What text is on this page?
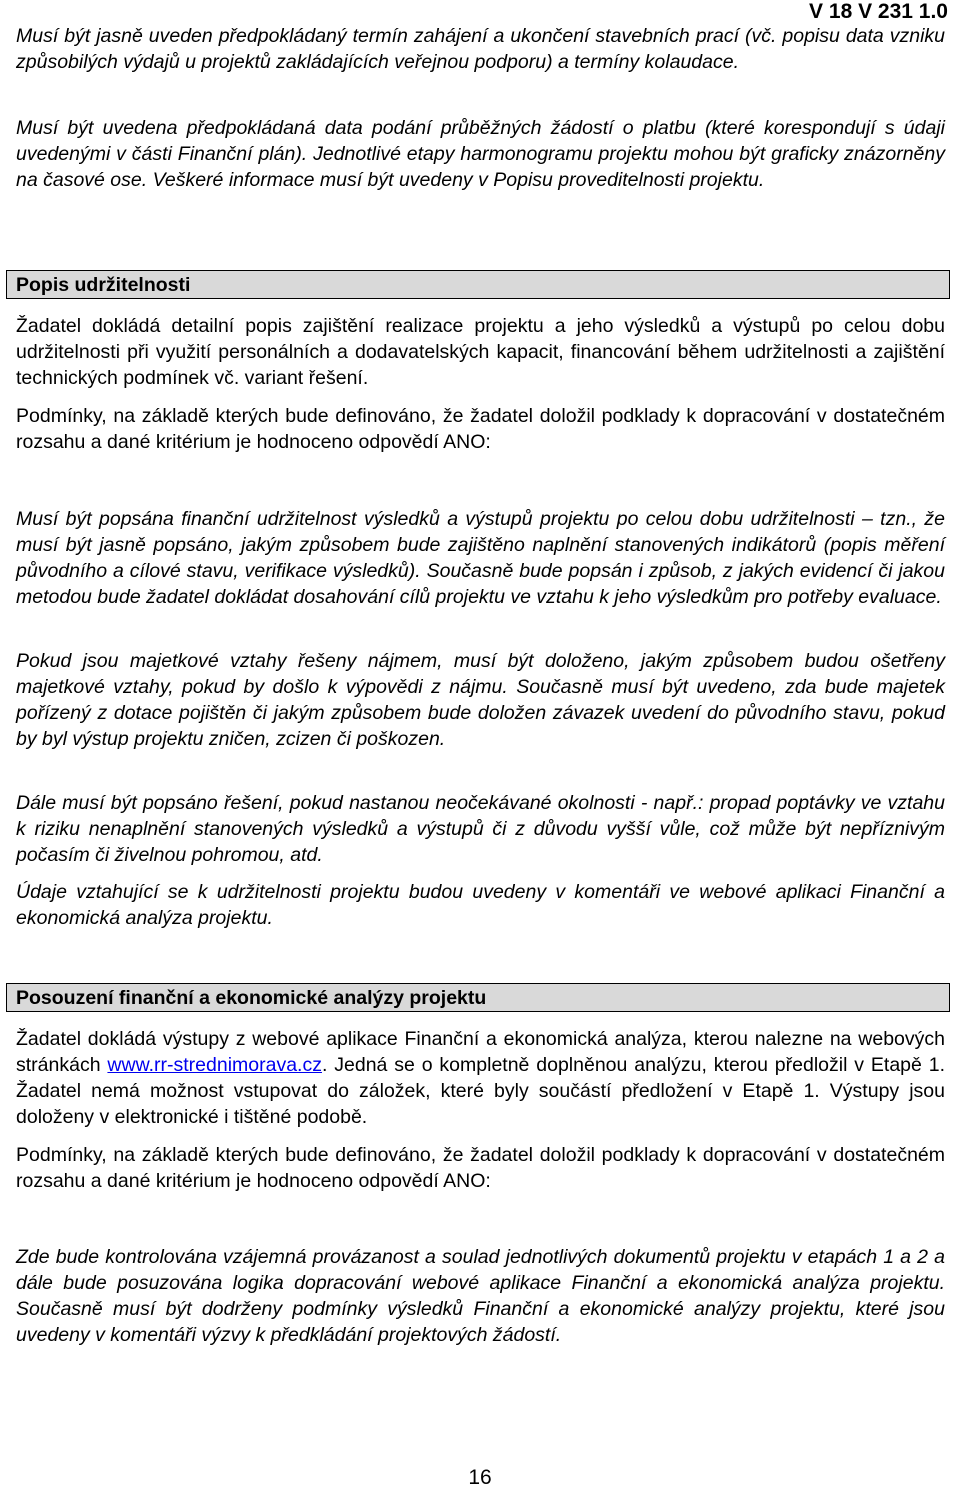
V 18 V 231 1.0

Musí být jasně uveden předpokládaný termín zahájení a ukončení stavebních prací (vč. popisu data vzniku způsobilých výdajů u projektů zakládajících veřejnou podporu) a termíny kolaudace.

Musí být uvedena předpokládaná data podání průběžných žádostí o platbu (které korespondují s údaji uvedenými v části Finanční plán). Jednotlivé etapy harmonogramu projektu mohou být graficky znázorněny na časové ose. Veškeré informace musí být uvedeny v Popisu proveditelnosti projektu.

Popis udržitelnosti

Žadatel dokládá detailní popis zajištění realizace projektu a jeho výsledků a výstupů po celou dobu udržitelnosti při využití personálních a dodavatelských kapacit, financování během udržitelnosti a zajištění technických podmínek vč. variant řešení.

Podmínky, na základě kterých bude definováno, že žadatel doložil podklady k dopracování v dostatečném rozsahu a dané kritérium je hodnoceno odpovědí ANO:

Musí být popsána finanční udržitelnost výsledků a výstupů projektu po celou dobu udržitelnosti – tzn., že musí být jasně popsáno, jakým způsobem bude zajištěno naplnění stanovených indikátorů (popis měření původního a cílové stavu, verifikace výsledků). Současně bude popsán i způsob, z jakých evidencí či jakou metodou bude žadatel dokládat dosahování cílů projektu ve vztahu k jeho výsledkům pro potřeby evaluace.

Pokud jsou majetkové vztahy řešeny nájmem, musí být doloženo, jakým způsobem budou ošetřeny majetkové vztahy, pokud by došlo k výpovědi z nájmu. Současně musí být uvedeno, zda bude majetek pořízený z dotace pojištěn či jakým způsobem bude doložen závazek uvedení do původního stavu, pokud by byl výstup projektu zničen, zcizen či poškozen.

Dále musí být popsáno řešení, pokud nastanou neočekávané okolnosti - např.: propad poptávky ve vztahu k riziku nenaplnění stanovených výsledků a výstupů či z důvodu vyšší vůle, což může být nepříznivým počasím či živelnou pohromou, atd.

Údaje vztahující se k udržitelnosti projektu budou uvedeny v komentáři ve webové aplikaci Finanční a ekonomická analýza projektu.

Posouzení finanční a ekonomické analýzy projektu

Žadatel dokládá výstupy z webové aplikace Finanční a ekonomická analýza, kterou nalezne na webových stránkách www.rr-strednimorava.cz. Jedná se o kompletně doplněnou analýzu, kterou předložil v Etapě 1. Žadatel nemá možnost vstupovat do záložek, které byly součástí předložení v Etapě 1. Výstupy jsou doloženy v elektronické i tištěné podobě.

Podmínky, na základě kterých bude definováno, že žadatel doložil podklady k dopracování v dostatečném rozsahu a dané kritérium je hodnoceno odpovědí ANO:

Zde bude kontrolována vzájemná provázanost a soulad jednotlivých dokumentů projektu v etapách 1 a 2 a dále bude posuzována logika dopracování webové aplikace Finanční a ekonomická analýza projektu. Současně musí být dodrženy podmínky výsledků Finanční a ekonomické analýzy projektu, které jsou uvedeny v komentáři výzvy k předkládání projektových žádostí.

16
